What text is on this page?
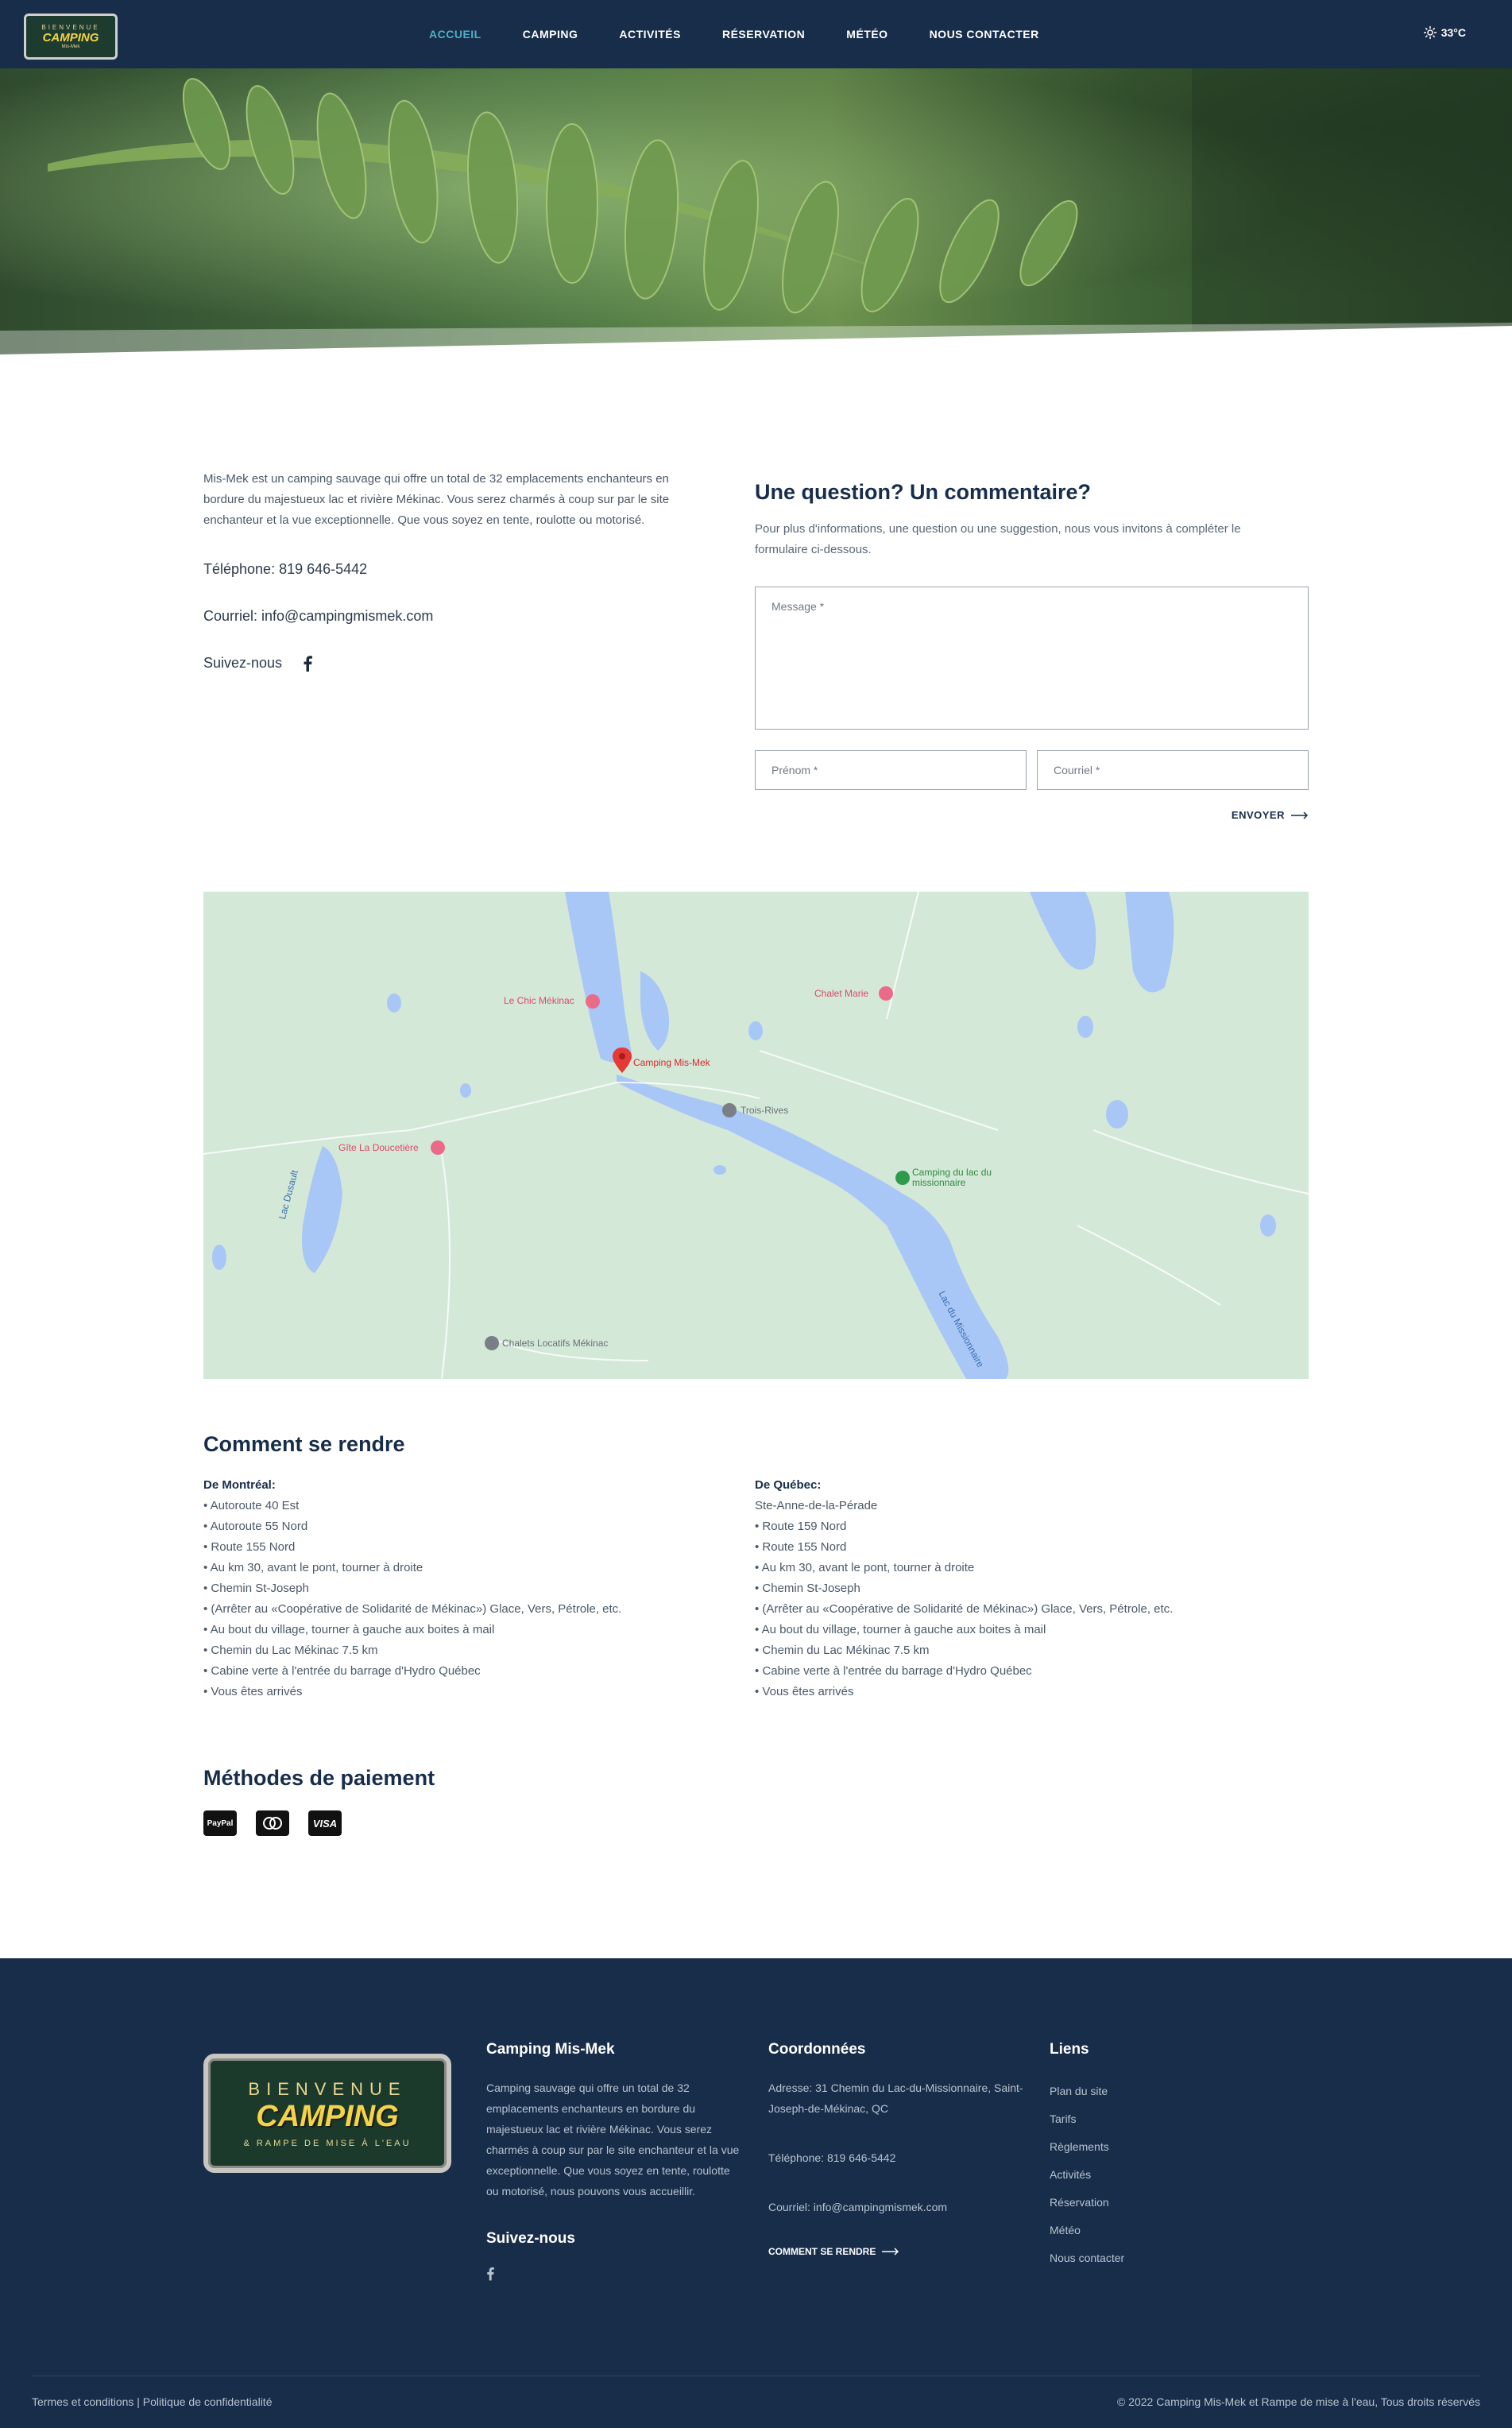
BIENVENUE
CAMPING
Mis-Mek
ACCUEIL	CAMPING	ACTIVITÉS	RÉSERVATION	MÉTÉO	NOUS CONTACTER	33°C

Mis-Mek est un camping sauvage qui offre un total de 32 emplacements enchanteurs en bordure du majestueux lac et rivière Mékinac. Vous serez charmés à coup sur par le site enchanteur et la vue exceptionnelle. Que vous soyez en tente, roulotte ou motorisé.

Téléphone: 819 646-5442

Courriel: info@campingmismek.com

Suivez-nous
Une question? Un commentaire?

Pour plus d'informations, une question ou une suggestion, nous vous invitons à compléter le formulaire ci-dessous.

Message *
Prénom *	Courriel *
ENVOYER
Le Chic Mékinac
Chalet Marie
Camping Mis-Mek
Trois-Rives
Gîte La Doucetière
Camping du lac du missionnaire
Chalets Locatifs Mékinac
Lac Dusault
Lac du Missionnaire
Comment se rendre
De Montréal:
• Autoroute 40 Est
• Autoroute 55 Nord
• Route 155 Nord
• Au km 30, avant le pont, tourner à droite
• Chemin St-Joseph
• (Arrêter au «Coopérative de Solidarité de Mékinac») Glace, Vers, Pétrole, etc.
• Au bout du village, tourner à gauche aux boites à mail
• Chemin du Lac Mékinac 7.5 km
• Cabine verte à l'entrée du barrage d'Hydro Québec
• Vous êtes arrivés
De Québec:
Ste-Anne-de-la-Pérade
• Route 159 Nord
• Route 155 Nord
• Au km 30, avant le pont, tourner à droite
• Chemin St-Joseph
• (Arrêter au «Coopérative de Solidarité de Mékinac») Glace, Vers, Pétrole, etc.
• Au bout du village, tourner à gauche aux boites à mail
• Chemin du Lac Mékinac 7.5 km
• Cabine verte à l'entrée du barrage d'Hydro Québec
• Vous êtes arrivés
Méthodes de paiement
PayPal	VISA
BIENVENUE
CAMPING
& RAMPE DE MISE À L'EAU
Camping Mis-Mek

Camping sauvage qui offre un total de 32 emplacements enchanteurs en bordure du majestueux lac et rivière Mékinac. Vous serez charmés à coup sur par le site enchanteur et la vue exceptionnelle. Que vous soyez en tente, roulotte ou motorisé, nous pouvons vous accueillir.

Suivez-nous
Coordonnées

Adresse: 31 Chemin du Lac-du-Missionnaire, Saint-Joseph-de-Mékinac, QC

Téléphone: 819 646-5442

Courriel: info@campingmismek.com

COMMENT SE RENDRE
Liens
Plan du site
Tarifs
Règlements
Activités
Réservation
Météo
Nous contacter
Termes et conditions | Politique de confidentialité	© 2022 Camping Mis-Mek et Rampe de mise à l'eau, Tous droits réservés
